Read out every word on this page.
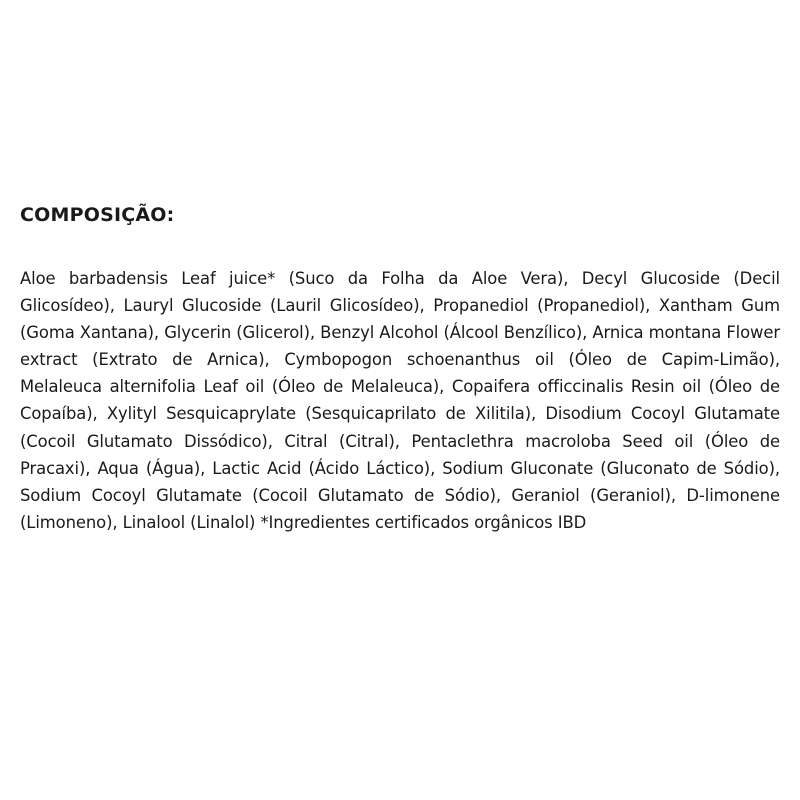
COMPOSIÇÃO:

Aloe barbadensis Leaf juice* (Suco da Folha da Aloe Vera), Decyl Glucoside (Decil Glicosídeo), Lauryl Glucoside (Lauril Glicosídeo), Propanediol (Propanediol), Xantham Gum (Goma Xantana), Glycerin (Glicerol), Benzyl Alcohol (Álcool Benzílico), Arnica montana Flower extract (Extrato de Arnica), Cymbopogon schoenanthus oil (Óleo de Capim-Limão), Melaleuca alternifolia Leaf oil (Óleo de Melaleuca), Copaifera officcinalis Resin oil (Óleo de Copaíba), Xylityl Sesquicaprylate (Sesquicaprilato de Xilitila), Disodium Cocoyl Glutamate (Cocoil Glutamato Dissódico), Citral (Citral), Pentaclethra macroloba Seed oil (Óleo de Pracaxi), Aqua (Água), Lactic Acid (Ácido Láctico), Sodium Gluconate (Gluconato de Sódio), Sodium Cocoyl Glutamate (Cocoil Glutamato de Sódio), Geraniol (Geraniol), D-limonene (Limoneno), Linalool (Linalol) *Ingredientes certificados orgânicos IBD
